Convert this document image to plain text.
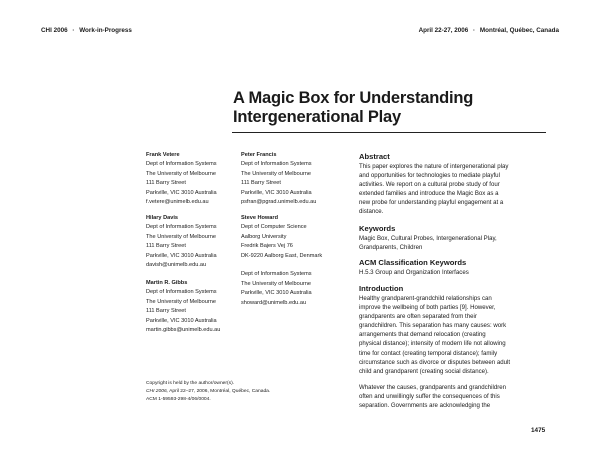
CHI 2006 · Work-in-Progress	April 22-27, 2006 · Montréal, Québec, Canada
A Magic Box for Understanding
Intergenerational Play
Frank Vetere
Dept of Information Systems
The University of Melbourne
111 Barry Street
Parkville, VIC 3010 Australia
f.vetere@unimelb.edu.au
Peter Francis
Dept of Information Systems
The University of Melbourne
111 Barry Street
Parkville, VIC 3010 Australia
psfran@pgrad.unimelb.edu.au
Hilary Davis
Dept of Information Systems
The University of Melbourne
111 Barry Street
Parkville, VIC 3010 Australia
davish@unimelb.edu.au
Steve Howard
Dept of Computer Science
Aalborg University
Fredrik Bajers Vej 76
DK-9220 Aalborg East, Denmark
Dept of Information Systems
The University of Melbourne
Parkville, VIC 3010 Australia
showard@unimelb.edu.au
Martin R. Gibbs
Dept of Information Systems
The University of Melbourne
111 Barry Street
Parkville, VIC 3010 Australia
martin.gibbs@unimelb.edu.au
Abstract
This paper explores the nature of intergenerational play
and opportunities for technologies to mediate playful
activities. We report on a cultural probe study of four
extended families and introduce the Magic Box as a
new probe for understanding playful engagement at a
distance.
Keywords
Magic Box, Cultural Probes, Intergenerational Play,
Grandparents, Children
ACM Classification Keywords
H.5.3 Group and Organization Interfaces
Introduction
Healthy grandparent-grandchild relationships can
improve the wellbeing of both parties [9]. However,
grandparents are often separated from their
grandchildren. This separation has many causes: work
arrangements that demand relocation (creating
physical distance); intensity of modern life not allowing
time for contact (creating temporal distance); family
circumstance such as divorce or disputes between adult
child and grandparent (creating social distance).
Whatever the causes, grandparents and grandchildren
often and unwillingly suffer the consequences of this
separation. Governments are acknowledging the
Copyright is held by the author/owner(s).
CHI 2006, April 22–27, 2006, Montréal, Québec, Canada.
ACM 1-59593-298-4/06/0004.
1475
